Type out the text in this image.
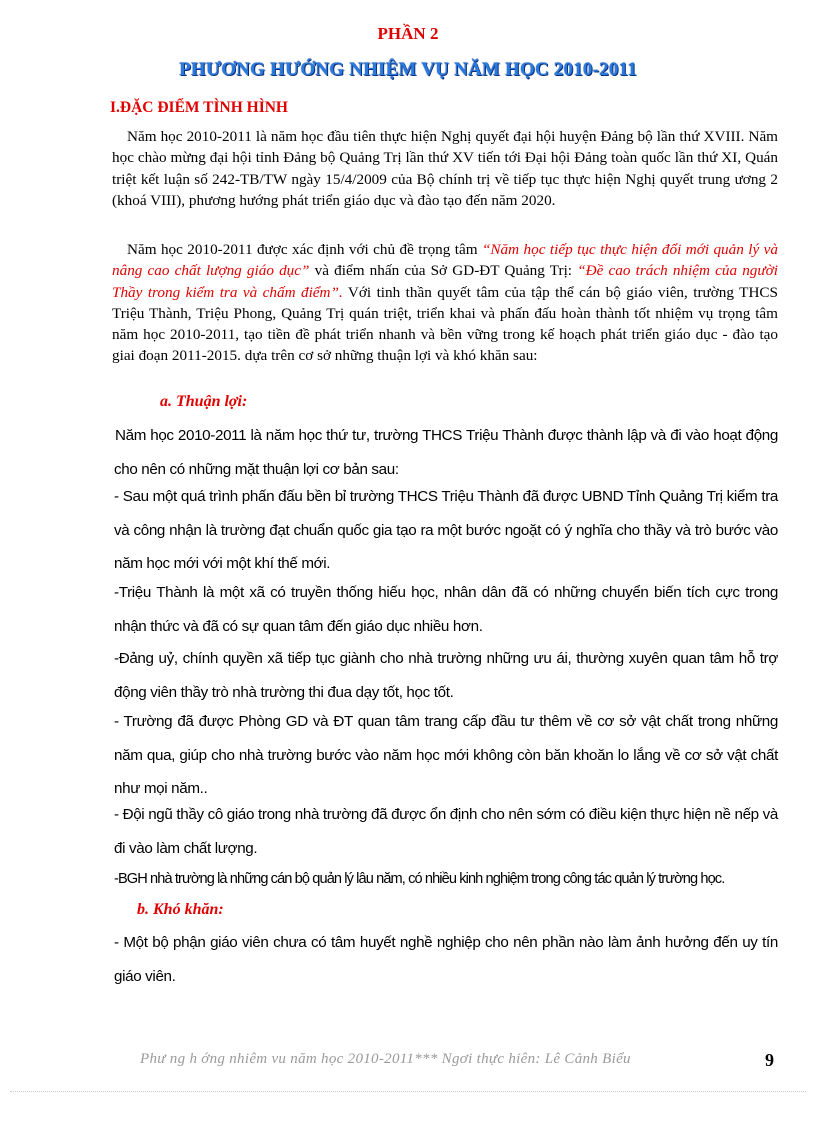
PHẦN 2
PHƯƠNG HƯỚNG NHIỆM VỤ NĂM HỌC 2010-2011
I.ĐẶC ĐIỂM TÌNH HÌNH

Năm học 2010-2011 là năm học đầu tiên thực hiện Nghị quyết đại hội huyện Đảng bộ lần thứ XVIII. Năm học chào mừng đại hội tỉnh Đảng bộ Quảng Trị lần thứ XV tiến tới Đại hội Đảng toàn quốc lần thứ XI, Quán triệt kết luận số 242-TB/TW ngày 15/4/2009 của Bộ chính trị về tiếp tục thực hiện Nghị quyết trung ương 2 (khoá VIII), phương hướng phát triển giáo dục và đào tạo đến năm 2020.

Năm học 2010-2011 được xác định với chủ đề trọng tâm “Năm học tiếp tục thực hiện đổi mới quản lý và nâng cao chất lượng giáo dục” và điểm nhấn của Sở GD-ĐT Quảng Trị: “Đề cao trách nhiệm của người Thầy trong kiểm tra và chấm điểm”. Với tinh thần quyết tâm của tập thể cán bộ giáo viên, trường THCS Triệu Thành, Triệu Phong, Quảng Trị quán triệt, triển khai và phấn đấu hoàn thành tốt nhiệm vụ trọng tâm năm học 2010-2011, tạo tiền đề phát triển nhanh và bền vững trong kế hoạch phát triển giáo dục - đào tạo giai đoạn 2011-2015. dựa trên cơ sở những thuận lợi và khó khăn sau:

a. Thuận lợi:

Năm học 2010-2011 là năm học thứ tư, trường THCS Triệu Thành được thành lập và đi vào hoạt động cho nên có những mặt thuận lợi cơ bản sau:

- Sau một quá trình phấn đấu bền bỉ trường THCS Triệu Thành đã được UBND Tỉnh Quảng Trị kiểm tra và công nhận là trường đạt chuẩn quốc gia tạo ra một bước ngoặt có ý nghĩa cho thầy và trò bước vào năm học mới với một khí thế mới.

-Triệu Thành là một xã có truyền thống hiếu học, nhân dân đã có những chuyển biến tích cực trong nhận thức và đã có sự quan tâm đến giáo dục nhiều hơn.

-Đảng uỷ, chính quyền xã tiếp tục giành cho nhà trường những ưu ái, thường xuyên quan tâm hỗ trợ động viên thầy trò nhà trường thi đua dạy tốt, học tốt.

- Trường đã được Phòng GD và ĐT quan tâm trang cấp đầu tư thêm về cơ sở vật chất trong những năm qua, giúp cho nhà trường bước vào năm học mới không còn băn khoăn lo lắng về cơ sở vật chất như mọi năm..

- Đội ngũ thầy cô giáo trong nhà trường đã được ổn định cho nên sớm có điều kiện thực hiện nề nếp và đi vào làm chất lượng.

-BGH nhà trường là những cán bộ quản lý lâu năm, có nhiều kinh nghiệm trong công tác quản lý trường học.

b. Khó khăn:

- Một bộ phận giáo viên chưa có tâm huyết nghề nghiệp cho nên phần nào làm ảnh hưởng đến uy tín giáo viên.

Phư ng h ớng nhiêm vu năm học 2010-2011*** Ngơi thực hiên: Lê Cảnh Biểu	9
